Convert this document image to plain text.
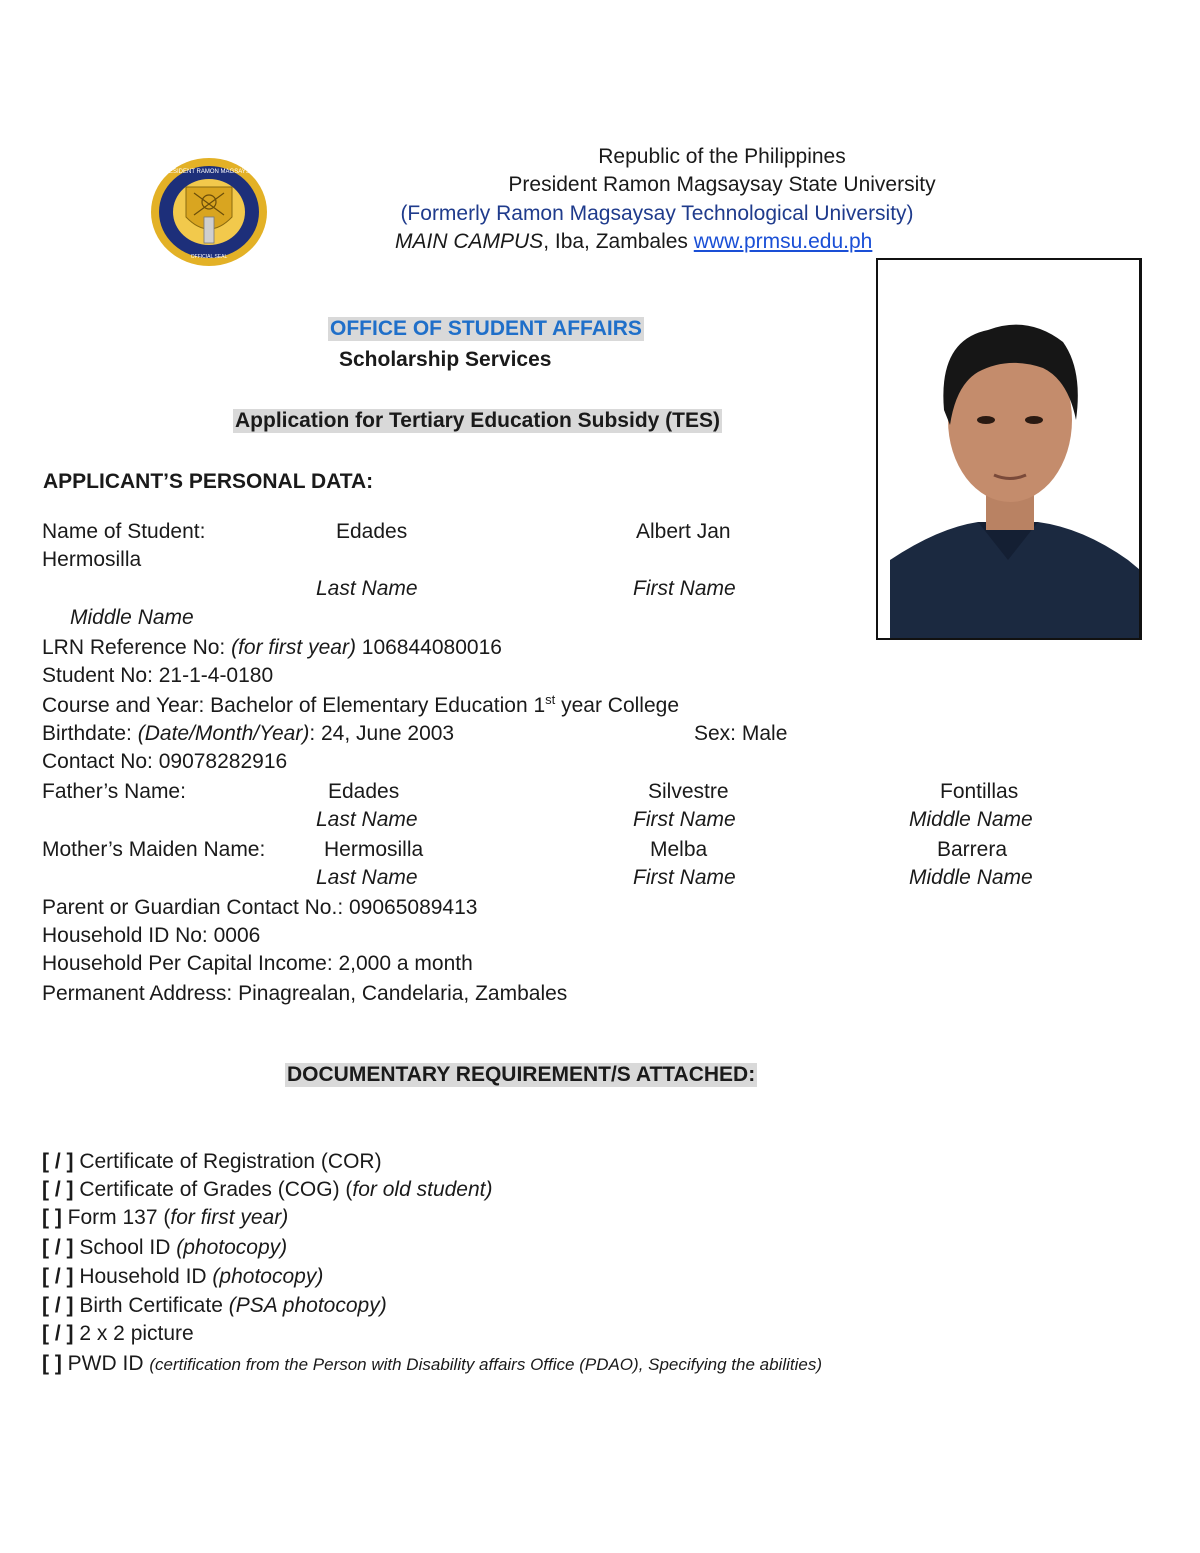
PRESIDENT RAMON MAGSAYSAY
OFFICIAL SEAL
Republic of the Philippines
President Ramon Magsaysay State University
(Formerly Ramon Magsaysay Technological University)
MAIN CAMPUS, Iba, Zambales www.prmsu.edu.ph
OFFICE OF STUDENT AFFAIRS
Scholarship Services
Application for Tertiary Education Subsidy (TES)
APPLICANT’S PERSONAL DATA:
Name of Student:	Edades	Albert Jan
Hermosilla
Last Name	First Name
Middle Name
LRN Reference No: (for first year) 106844080016
Student No: 21-1-4-0180
Course and Year: Bachelor of Elementary Education 1st year College
Birthdate: (Date/Month/Year): 24, June 2003	Sex: Male
Contact No: 09078282916
Father’s Name:	Edades	Silvestre	Fontillas
Last Name	First Name	Middle Name
Mother’s Maiden Name:	Hermosilla	Melba	Barrera
Last Name	First Name	Middle Name
Parent or Guardian Contact No.: 09065089413
Household ID No: 0006
Household Per Capital Income: 2,000 a month
Permanent Address: Pinagrealan, Candelaria, Zambales
DOCUMENTARY REQUIREMENT/S ATTACHED:
[ / ] Certificate of Registration (COR)
[ / ] Certificate of Grades (COG) (for old student)
[ ] Form 137 (for first year)
[ / ] School ID (photocopy)
[ / ] Household ID (photocopy)
[ / ] Birth Certificate (PSA photocopy)
[ / ] 2 x 2 picture
[ ] PWD ID (certification from the Person with Disability affairs Office (PDAO), Specifying the abilities)
